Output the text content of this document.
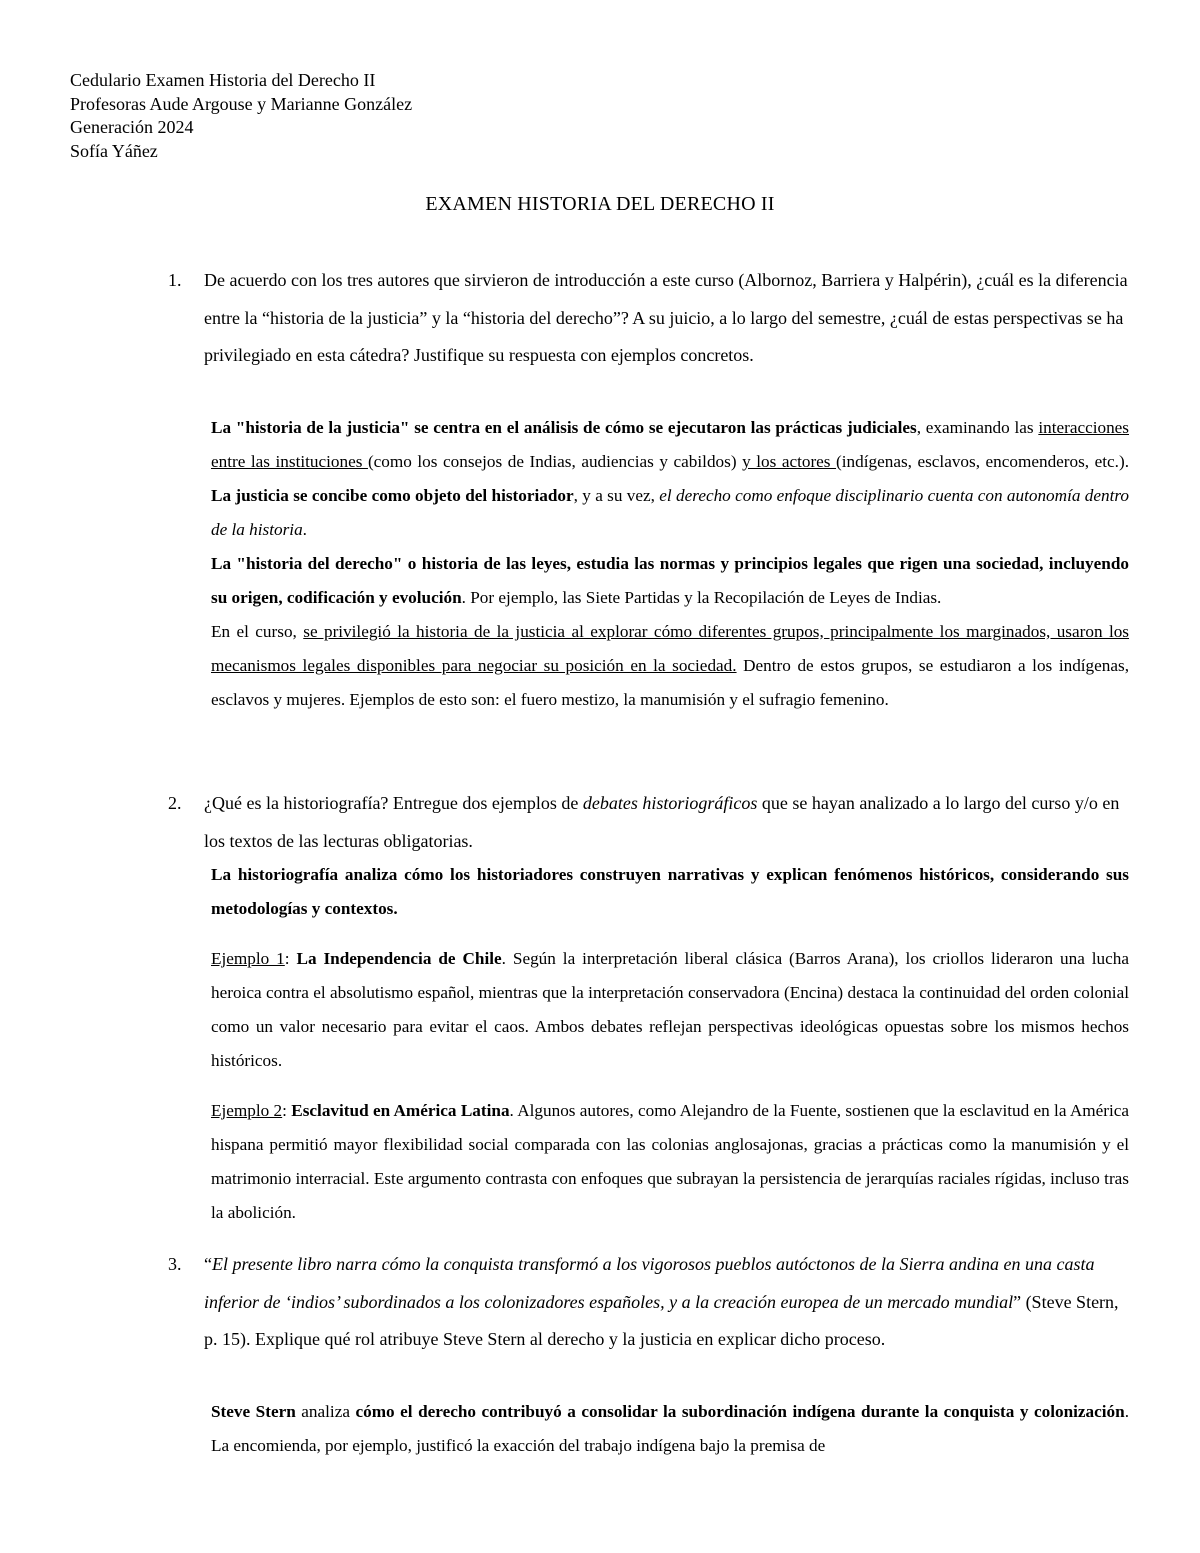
Cedulario Examen Historia del Derecho II
Profesoras Aude Argouse y Marianne González
Generación 2024
Sofía Yáñez
EXAMEN HISTORIA DEL DERECHO II
1. De acuerdo con los tres autores que sirvieron de introducción a este curso (Albornoz, Barriera y Halpérin), ¿cuál es la diferencia entre la “historia de la justicia” y la “historia del derecho”? A su juicio, a lo largo del semestre, ¿cuál de estas perspectivas se ha privilegiado en esta cátedra? Justifique su respuesta con ejemplos concretos.

La "historia de la justicia" se centra en el análisis de cómo se ejecutaron las prácticas judiciales, examinando las interacciones entre las instituciones (como los consejos de Indias, audiencias y cabildos) y los actores (indígenas, esclavos, encomenderos, etc.). La justicia se concibe como objeto del historiador, y a su vez, el derecho como enfoque disciplinario cuenta con autonomía dentro de la historia.

La "historia del derecho" o historia de las leyes, estudia las normas y principios legales que rigen una sociedad, incluyendo su origen, codificación y evolución. Por ejemplo, las Siete Partidas y la Recopilación de Leyes de Indias.

En el curso, se privilegió la historia de la justicia al explorar cómo diferentes grupos, principalmente los marginados, usaron los mecanismos legales disponibles para negociar su posición en la sociedad. Dentro de estos grupos, se estudiaron a los indígenas, esclavos y mujeres. Ejemplos de esto son: el fuero mestizo, la manumisión y el sufragio femenino.

2. ¿Qué es la historiografía? Entregue dos ejemplos de debates historiográficos que se hayan analizado a lo largo del curso y/o en los textos de las lecturas obligatorias.

La historiografía analiza cómo los historiadores construyen narrativas y explican fenómenos históricos, considerando sus metodologías y contextos.

Ejemplo 1: La Independencia de Chile. Según la interpretación liberal clásica (Barros Arana), los criollos lideraron una lucha heroica contra el absolutismo español, mientras que la interpretación conservadora (Encina) destaca la continuidad del orden colonial como un valor necesario para evitar el caos. Ambos debates reflejan perspectivas ideológicas opuestas sobre los mismos hechos históricos.

Ejemplo 2: Esclavitud en América Latina. Algunos autores, como Alejandro de la Fuente, sostienen que la esclavitud en la América hispana permitió mayor flexibilidad social comparada con las colonias anglosajonas, gracias a prácticas como la manumisión y el matrimonio interracial. Este argumento contrasta con enfoques que subrayan la persistencia de jerarquías raciales rígidas, incluso tras la abolición.

3. “El presente libro narra cómo la conquista transformó a los vigorosos pueblos autóctonos de la Sierra andina en una casta inferior de ‘indios’ subordinados a los colonizadores españoles, y a la creación europea de un mercado mundial” (Steve Stern, p. 15). Explique qué rol atribuye Steve Stern al derecho y la justicia en explicar dicho proceso.

Steve Stern analiza cómo el derecho contribuyó a consolidar la subordinación indígena durante la conquista y colonización. La encomienda, por ejemplo, justificó la exacción del trabajo indígena bajo la premisa de
